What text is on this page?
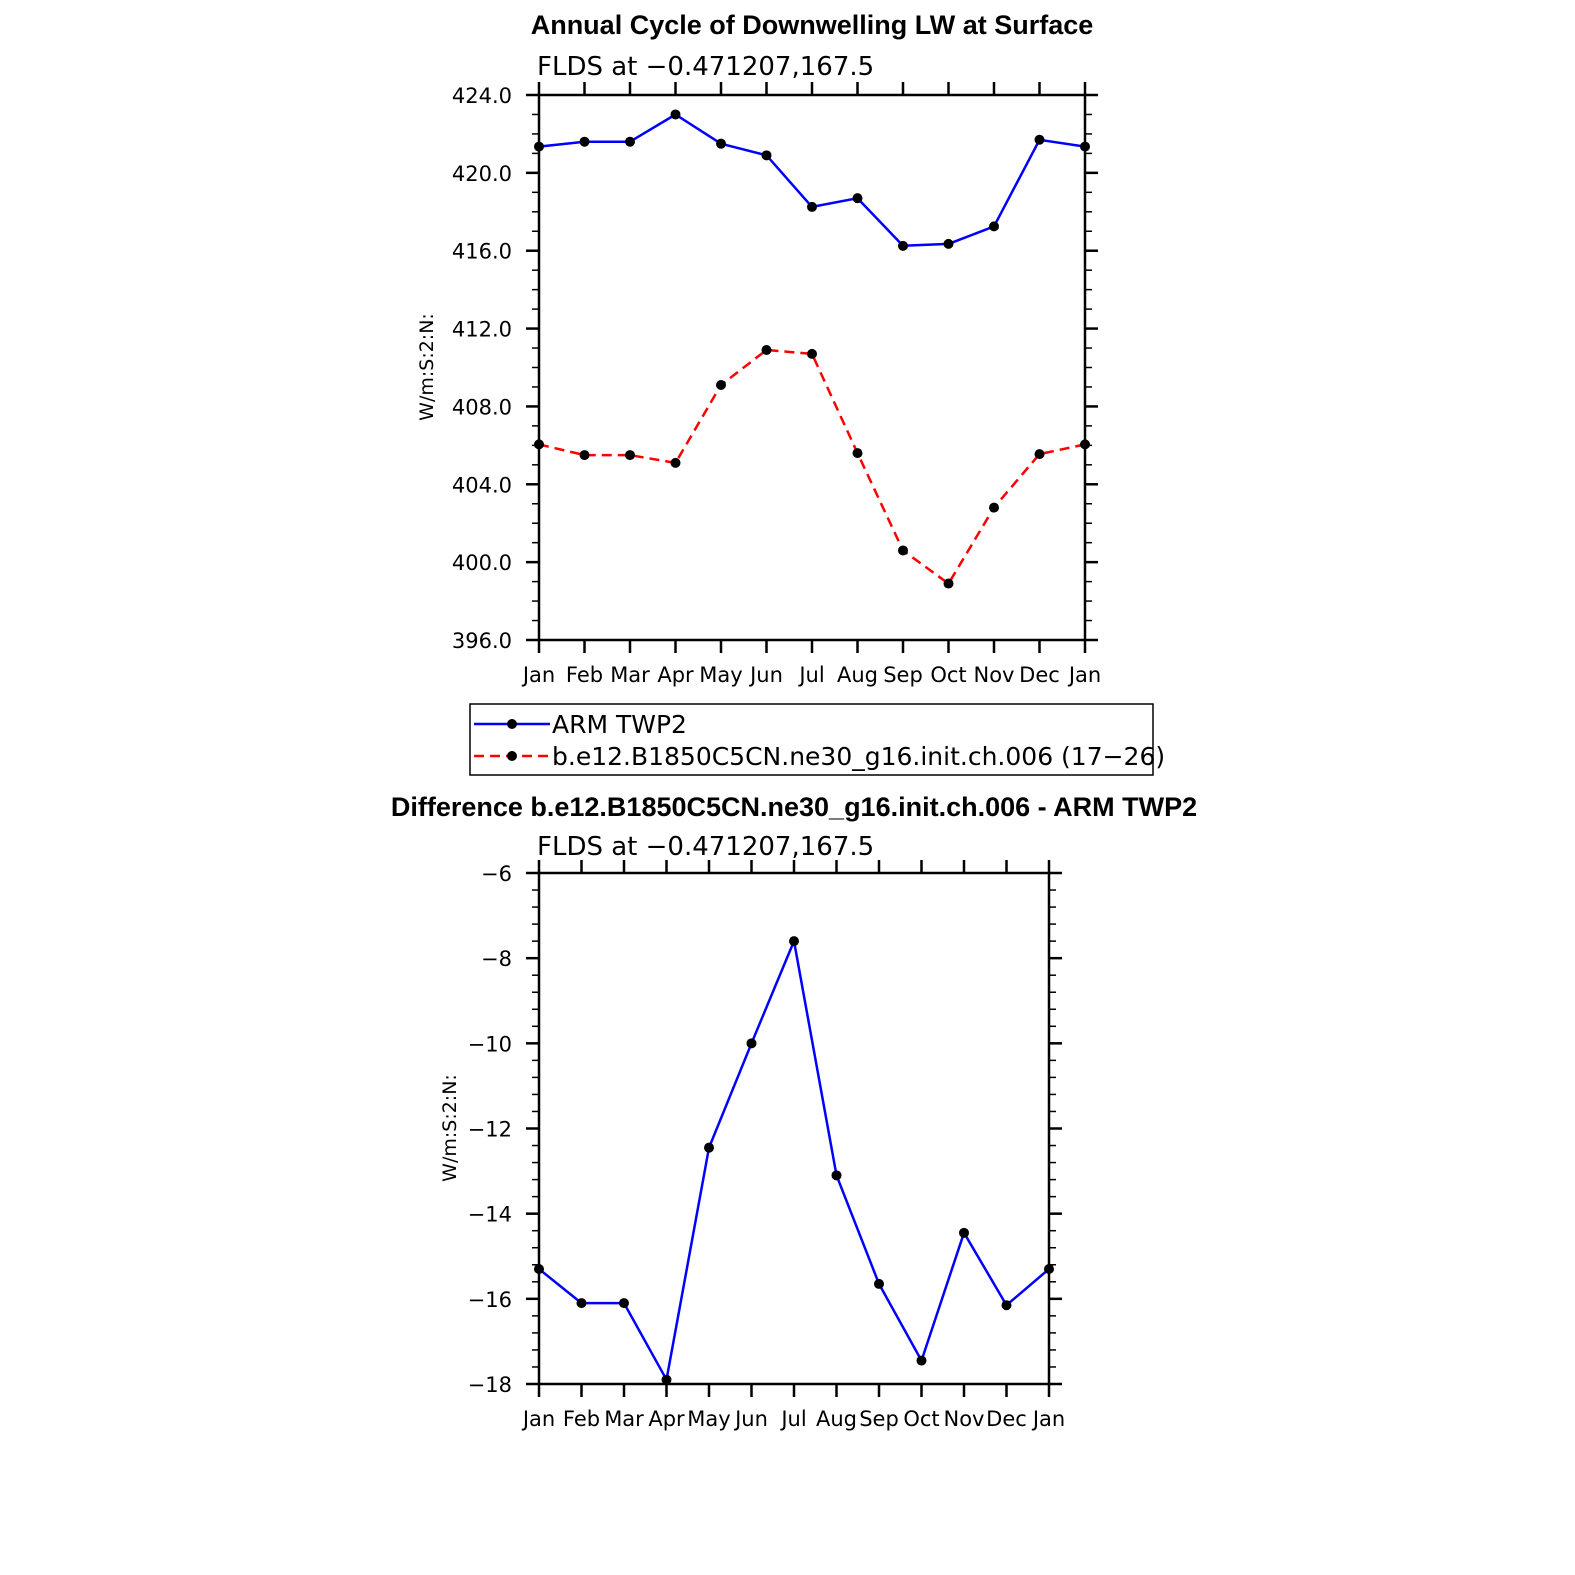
Annual Cycle of Downwelling LW at Surface
FLDS at −0.471207,167.5
W/m:S:2:N:
396.0
400.0
404.0
408.0
412.0
416.0
420.0
424.0
Jan Feb Mar Apr May Jun Jul Aug Sep Oct Nov Dec Jan
ARM TWP2
b.e12.B1850C5CN.ne30_g16.init.ch.006 (17−26)
Difference b.e12.B1850C5CN.ne30_g16.init.ch.006 - ARM TWP2
FLDS at −0.471207,167.5
W/m:S:2:N:
−18
−16
−14
−12
−10
−8
−6
Jan Feb Mar Apr May Jun Jul Aug Sep Oct Nov Dec Jan
